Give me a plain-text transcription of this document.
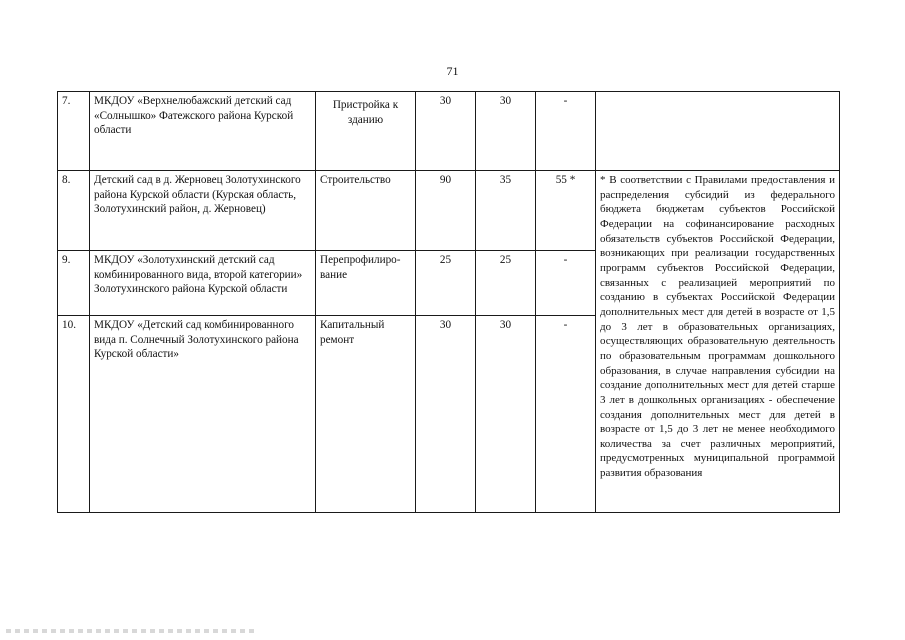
71
7.	МКДОУ «Верхнелюбажский детский сад «Солнышко» Фатежского района Курской области	Пристройка к зданию	30	30	-	
8.	Детский сад в д. Жерновец Золотухинского района Курской области (Курская область, Золотухинский район, д. Жерновец)	Строительство	90	35	55 *	* В соответствии с Правилами предоставления и распределения субсидий из федерального бюджета бюджетам субъектов Российской Федерации на софинансирование расходных обязательств субъектов Российской Федерации, возникающих при реализации государственных программ субъектов Российской Федерации, связанных с реализацией мероприятий по созданию в субъектах Российской Федерации дополнительных мест для детей в возрасте от 1,5 до 3 лет в образовательных организациях, осуществляющих образовательную деятельность по образовательным программам дошкольного образования, в случае направления субсидии на создание дополнительных мест для детей старше 3 лет в дошкольных организациях - обеспечение создания дополнительных мест для детей в возрасте от 1,5 до 3 лет не менее необходимого количества за счет различных мероприятий, предусмотренных муниципальной программой развития образования
9.	МКДОУ «Золотухинский детский сад комбинированного вида, второй категории» Золотухинского района Курской области	Перепрофилиро-вание	25	25	-	
10.	МКДОУ «Детский сад комбинированного вида п. Солнечный Золотухинского района Курской области»	Капитальный ремонт	30	30	-	
